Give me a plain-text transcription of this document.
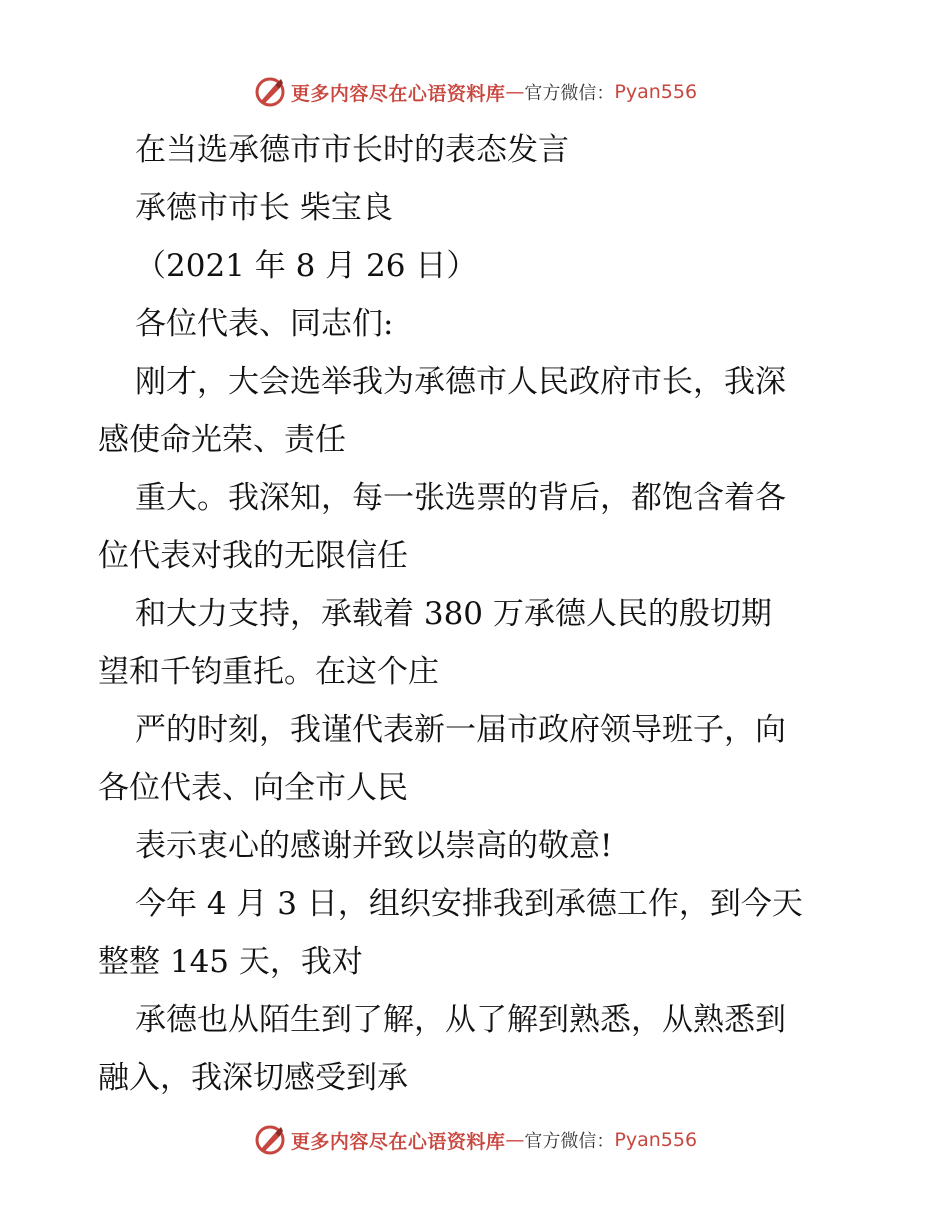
更多内容尽在心语资料库 — 官方微信： Pyan556
在当选承德市市长时的表态发言
承德市市长 柴宝良
（2021 年 8 月 26 日）
各位代表、同志们:
刚才，大会选举我为承德市人民政府市长，我深
感使命光荣、责任
重大。我深知，每一张选票的背后，都饱含着各
位代表对我的无限信任
和大力支持，承载着 380 万承德人民的殷切期
望和千钧重托。在这个庄
严的时刻，我谨代表新一届市政府领导班子，向
各位代表、向全市人民
表示衷心的感谢并致以崇高的敬意!
今年 4 月 3 日，组织安排我到承德工作，到今天
整整 145 天，我对
承德也从陌生到了解，从了解到熟悉，从熟悉到
融入，我深切感受到承
更多内容尽在心语资料库 — 官方微信： Pyan556
